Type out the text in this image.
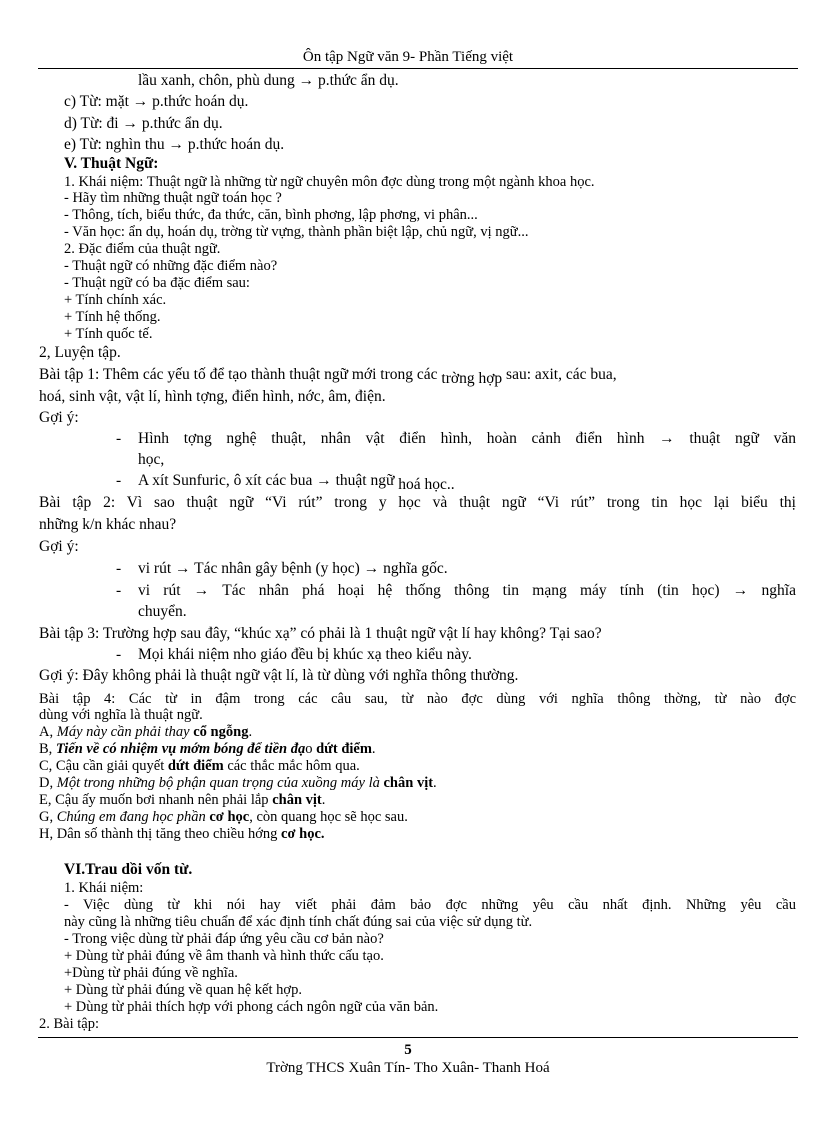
Ôn tập Ngữ văn 9- Phần Tiếng việt
lầu xanh, chôn, phù dung → p.thức ẩn dụ.
c) Từ: mặt → p.thức hoán dụ.
d) Từ: đi → p.thức ẩn dụ.
e) Từ: nghìn thu → p.thức hoán dụ.
V. Thuật Ngữ:
1. Khái niệm: Thuật ngữ là những từ ngữ chuyên môn đợc dùng trong một ngành khoa học.
- Hãy tìm những thuật ngữ toán học ?
- Thông, tích, biểu thức, đa thức, căn, bình phơng, lập phơng, vi phân...
- Văn học: ẩn dụ, hoán dụ, trờng từ vựng, thành phần biệt lập, chủ ngữ, vị ngữ...
2. Đặc điểm của thuật ngữ.
- Thuật ngữ có những đặc điểm nào?
- Thuật ngữ có ba đặc điểm sau:
+ Tính chính xác.
+ Tính hệ thống.
+ Tính quốc tế.
2, Luyện tập.
Bài tập 1: Thêm các yếu tố để tạo thành thuật ngữ mới trong các trờng hợp sau: axit, các bua,
hoá, sinh vật, vật lí, hình tợng, điển hình, nớc, âm, điện.
Gợi ý:
- Hình tợng nghệ thuật, nhân vật điển hình, hoàn cảnh điển hình → thuật ngữ văn
học,
- A xít Sunfuric, ô xít các bua → thuật ngữ hoá học..
Bài tập 2: Vì sao thuật ngữ “Vi rút” trong y học và thuật ngữ “Vi rút” trong tin học lại biểu thị
những k/n khác nhau?
Gợi ý:
- vi rút → Tác nhân gây bệnh (y học) → nghĩa gốc.
- vi rút → Tác nhân phá hoại hệ thống thông tin mạng máy tính (tin học) → nghĩa
chuyển.
Bài tập 3: Trường hợp sau đây, “khúc xạ” có phải là 1 thuật ngữ vật lí hay không? Tại sao?
- Mọi khái niệm nho giáo đều bị khúc xạ theo kiểu này.
Gợi ý: Đây không phải là thuật ngữ vật lí, là từ dùng với nghĩa thông thường.
Bài tập 4: Các từ in đậm trong các câu sau, từ nào đợc dùng với nghĩa thông thờng, từ nào đợc
dùng với nghĩa là thuật ngữ.
A, Máy này cần phải thay cổ ngỗng.
B, Tiến về có nhiệm vụ mớm bóng để tiền đạo dứt điểm.
C, Cậu cần giải quyết dứt điểm các thắc mắc hôm qua.
D, Một trong những bộ phận quan trọng của xuồng máy là chân vịt.
E, Cậu ấy muốn bơi nhanh nên phải lắp chân vịt.
G, Chúng em đang học phần cơ học, còn quang học sẽ học sau.
H, Dân số thành thị tăng theo chiều hớng cơ học.
VI.Trau dồi vốn từ.
1. Khái niệm:
- Việc dùng từ khi nói hay viết phải đảm bảo đợc những yêu cầu nhất định. Những yêu cầu
này cũng là những tiêu chuẩn để xác định tính chất đúng sai của việc sử dụng từ.
- Trong việc dùng từ phải đáp ứng yêu cầu cơ bản nào?
+ Dùng từ phải đúng về âm thanh và hình thức cấu tạo.
+Dùng từ phải đúng về nghĩa.
+ Dùng từ phải đúng về quan hệ kết hợp.
+ Dùng từ phải thích hợp với phong cách ngôn ngữ của văn bản.
2. Bài tập:
5
Trờng THCS Xuân Tín- Tho Xuân- Thanh Hoá
